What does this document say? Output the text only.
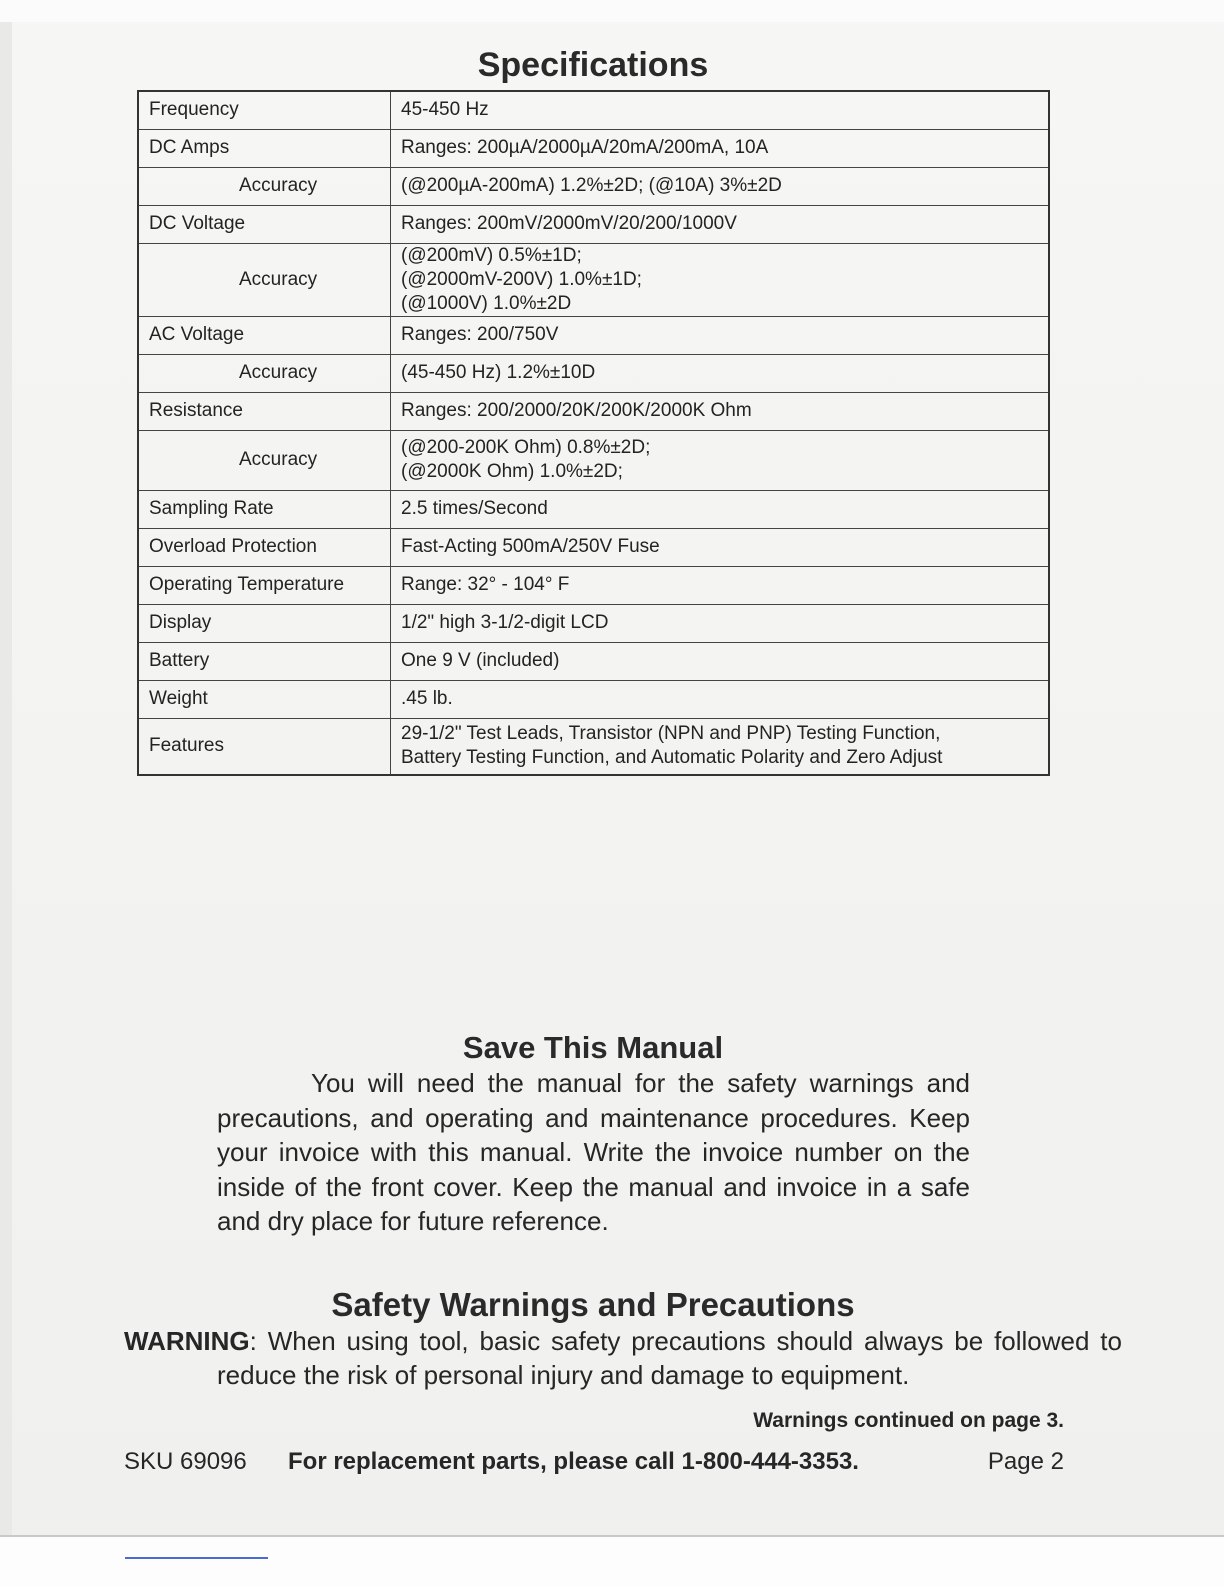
Specifications
Frequency	45-450 Hz

DC Amps	Ranges: 200µA/2000µA/20mA/200mA, 10A

Accuracy	(@200µA-200mA) 1.2%±2D; (@10A) 3%±2D

DC Voltage	Ranges: 200mV/2000mV/20/200/1000V

Accuracy	(@200mV) 0.5%±1D;
(@2000mV-200V) 1.0%±1D;
(@1000V) 1.0%±2D

AC Voltage	Ranges: 200/750V

Accuracy	(45-450 Hz) 1.2%±10D

Resistance	Ranges: 200/2000/20K/200K/2000K Ohm

Accuracy	(@200-200K Ohm) 0.8%±2D;
(@2000K Ohm) 1.0%±2D;

Sampling Rate	2.5 times/Second

Overload Protection	Fast-Acting 500mA/250V Fuse

Operating Temperature	Range: 32° - 104° F

Display	1/2" high 3-1/2-digit LCD

Battery	One 9 V (included)

Weight	.45 lb.

Features	29-1/2" Test Leads, Transistor (NPN and PNP) Testing Function,
Battery Testing Function, and Automatic Polarity and Zero Adjust
Save This Manual

You will need the manual for the safety warnings and precautions, and operating and maintenance procedures. Keep your invoice with this manual. Write the invoice number on the inside of the front cover. Keep the manual and invoice in a safe and dry place for future reference.

Safety Warnings and Precautions

WARNING: When using tool, basic safety precautions should always be followed to reduce the risk of personal injury and damage to equipment.

Warnings continued on page 3.

SKU 69096 For replacement parts, please call 1-800-444-3353.	Page 2
